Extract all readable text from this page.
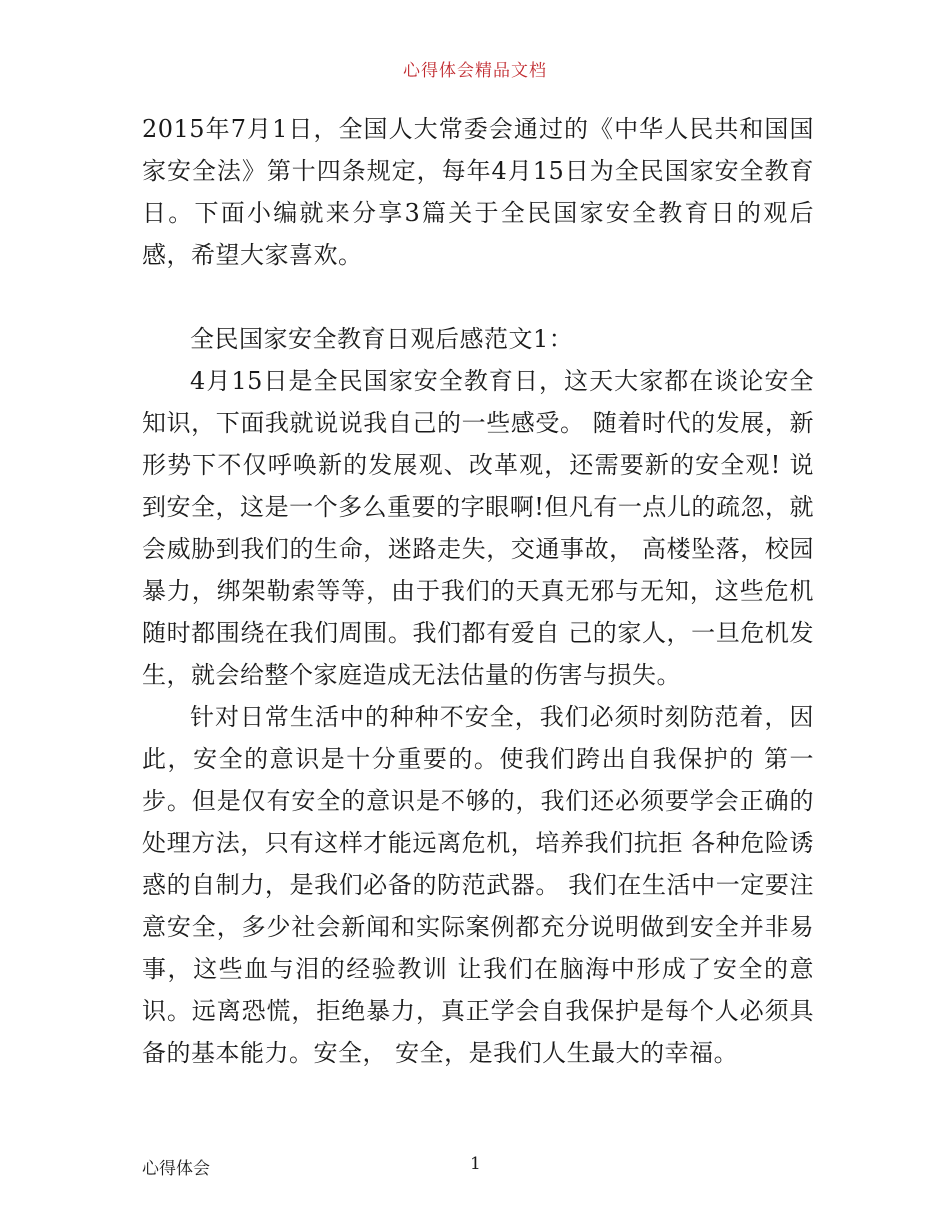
心得体会精品文档

2015年7月1日，全国人大常委会通过的《中华人民共和国国家安全法》第十四条规定，每年4月15日为全民国家安全教育日。下面小编就来分享3篇关于全民国家安全教育日的观后感，希望大家喜欢。

全民国家安全教育日观后感范文1：

4月15日是全民国家安全教育日，这天大家都在谈论安全知识，下面我就说说我自己的一些感受。 随着时代的发展，新形势下不仅呼唤新的发展观、改革观，还需要新的安全观! 说到安全，这是一个多么重要的字眼啊!但凡有一点儿的疏忽，就会威胁到我们的生命，迷路走失，交通事故， 高楼坠落，校园暴力，绑架勒索等等，由于我们的天真无邪与无知，这些危机随时都围绕在我们周围。我们都有爱自 己的家人，一旦危机发生，就会给整个家庭造成无法估量的伤害与损失。

针对日常生活中的种种不安全，我们必须时刻防范着，因此，安全的意识是十分重要的。使我们跨出自我保护的 第一步。但是仅有安全的意识是不够的，我们还必须要学会正确的处理方法，只有这样才能远离危机，培养我们抗拒 各种危险诱惑的自制力，是我们必备的防范武器。 我们在生活中一定要注意安全，多少社会新闻和实际案例都充分说明做到安全并非易事，这些血与泪的经验教训 让我们在脑海中形成了安全的意识。远离恐慌，拒绝暴力，真正学会自我保护是每个人必须具备的基本能力。安全， 安全，是我们人生最大的幸福。

心得体会	1
